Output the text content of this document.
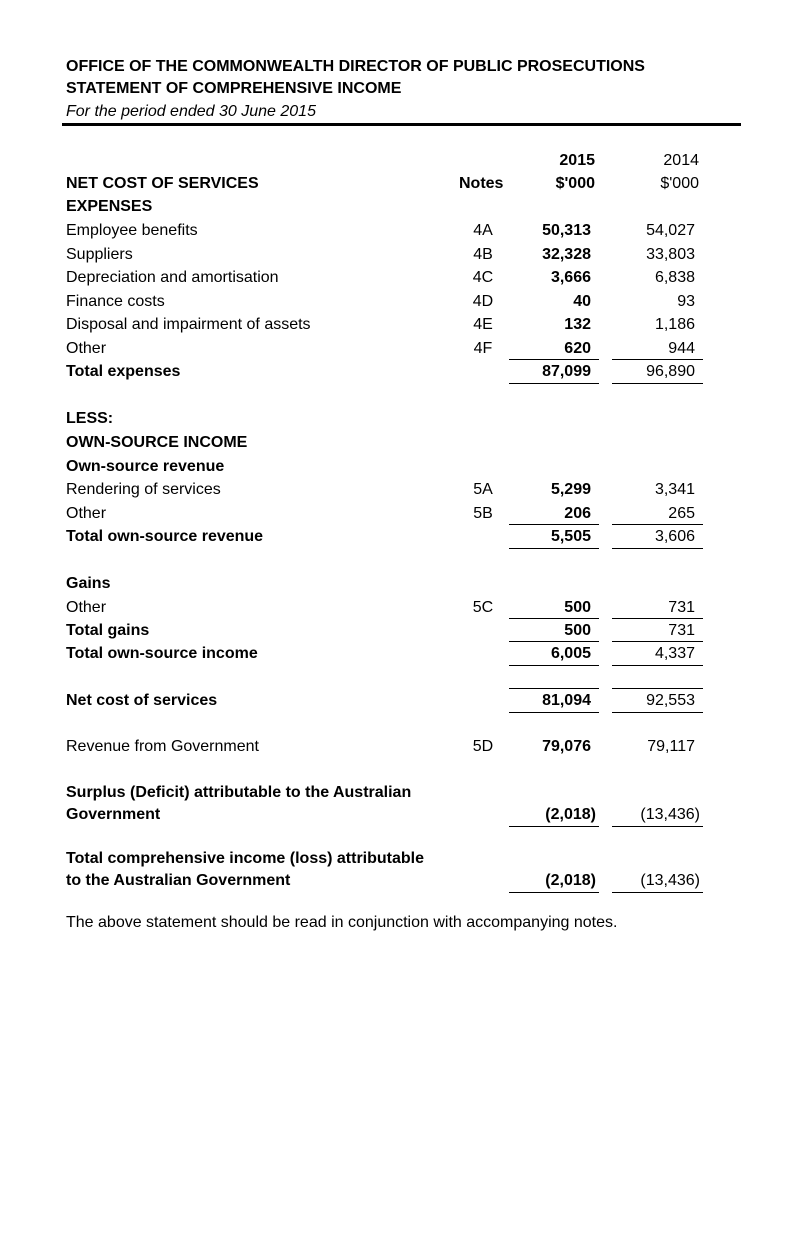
OFFICE OF THE COMMONWEALTH DIRECTOR OF PUBLIC PROSECUTIONS
STATEMENT OF COMPREHENSIVE INCOME
For the period ended 30 June 2015
2015	2014
Notes	$'000	$'000
NET COST OF SERVICES
EXPENSES
Employee benefits	4A	50,313	54,027
Suppliers	4B	32,328	33,803
Depreciation and amortisation	4C	3,666	6,838
Finance costs	4D	40	93
Disposal and impairment of assets	4E	132	1,186
Other	4F	620	944
Total expenses	87,099	96,890
LESS:
OWN-SOURCE INCOME
Own-source revenue
Rendering of services	5A	5,299	3,341
Other	5B	206	265
Total own-source revenue	5,505	3,606
Gains
Other	5C	500	731
Total gains	500	731
Total own-source income	6,005	4,337
Net cost of services	81,094	92,553
Revenue from Government	5D	79,076	79,117
Surplus (Deficit) attributable to the Australian
Government	(2,018)	(13,436)
Total comprehensive income (loss) attributable
to the Australian Government	(2,018)	(13,436)
The above statement should be read in conjunction with accompanying notes.
